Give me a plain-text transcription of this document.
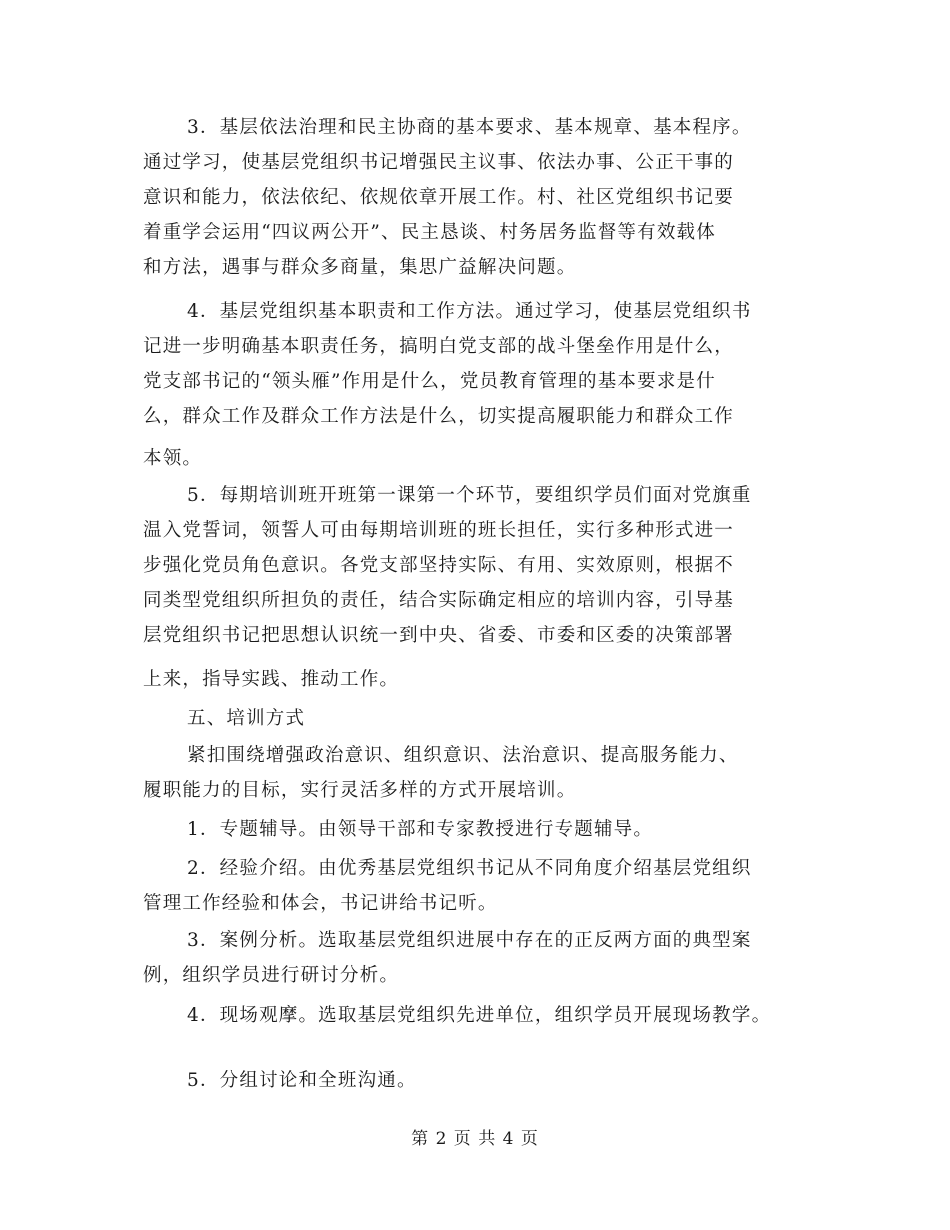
3．基层依法治理和民主协商的基本要求、基本规章、基本程序。
通过学习，使基层党组织书记增强民主议事、依法办事、公正干事的
意识和能力，依法依纪、依规依章开展工作。村、社区党组织书记要
着重学会运用“四议两公开”、民主恳谈、村务居务监督等有效载体
和方法，遇事与群众多商量，集思广益解决问题。
4．基层党组织基本职责和工作方法。通过学习，使基层党组织书
记进一步明确基本职责任务，搞明白党支部的战斗堡垒作用是什么，
党支部书记的“领头雁”作用是什么，党员教育管理的基本要求是什
么，群众工作及群众工作方法是什么，切实提高履职能力和群众工作
本领。
5．每期培训班开班第一课第一个环节，要组织学员们面对党旗重
温入党誓词，领誓人可由每期培训班的班长担任，实行多种形式进一
步强化党员角色意识。各党支部坚持实际、有用、实效原则，根据不
同类型党组织所担负的责任，结合实际确定相应的培训内容，引导基
层党组织书记把思想认识统一到中央、省委、市委和区委的决策部署
上来，指导实践、推动工作。
五、培训方式
紧扣围绕增强政治意识、组织意识、法治意识、提高服务能力、
履职能力的目标，实行灵活多样的方式开展培训。
1．专题辅导。由领导干部和专家教授进行专题辅导。
2．经验介绍。由优秀基层党组织书记从不同角度介绍基层党组织
管理工作经验和体会，书记讲给书记听。
3．案例分析。选取基层党组织进展中存在的正反两方面的典型案
例，组织学员进行研讨分析。
4．现场观摩。选取基层党组织先进单位，组织学员开展现场教学。
5．分组讨论和全班沟通。
第 2 页 共 4 页
